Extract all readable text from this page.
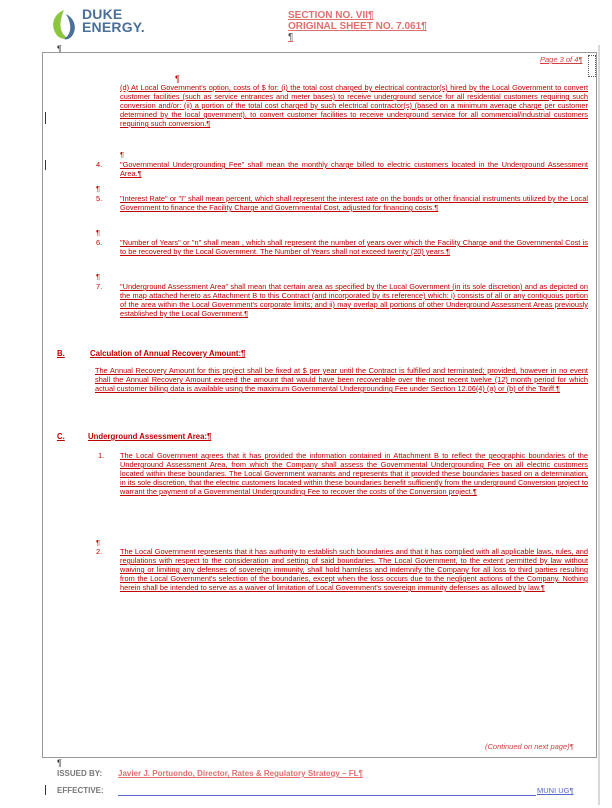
DUKE
ENERGY.
SECTION NO. VII¶
ORIGINAL SHEET NO. 7.061¶
¶
¶
Page 3 of 4¶
¶
(d) At Local Government's option, costs of $ for: (i) the total cost charged by electrical contractor(s) hired by the Local Government to convert customer facilities (such as service entrances and meter bases) to receive underground service for all residential customers requiring such conversion and/or: (ii) a portion of the total cost charged by such electrical contractor(s) (based on a minimum average charge per customer determined by the local government), to convert customer facilities to receive underground service for all commercial/industrial customers requiring such conversion.¶
¶
4. "Governmental Undergrounding Fee" shall mean the monthly charge billed to electric customers located in the Underground Assessment Area.¶
¶
5. "Interest Rate" or "I" shall mean percent, which shall represent the interest rate on the bonds or other financial instruments utilized by the Local Government to finance the Facility Charge and Governmental Cost, adjusted for financing costs.¶
¶
6. "Number of Years" or "n" shall mean , which shall represent the number of years over which the Facility Charge and the Governmental Cost is to be recovered by the Local Government. The Number of Years shall not exceed twenty (20) years.¶
¶
7. "Underground Assessment Area" shall mean that certain area as specified by the Local Government (in its sole discretion) and as depicted on the map attached hereto as Attachment B to this Contract (and incorporated by its reference) which: i) consists of all or any contiguous portion of the area within the Local Government's corporate limits; and ii) may overlap all portions of other Underground Assessment Areas previously established by the Local Government.¶
B.	Calculation of Annual Recovery Amount:¶
The Annual Recovery Amount for this project shall be fixed at $ per year until the Contract is fulfilled and terminated; provided, however in no event shall the Annual Recovery Amount exceed the amount that would have been recoverable over the most recent twelve (12) month period for which actual customer billing data is available using the maximum Governmental Undergrounding Fee under Section 12.06(4) (a) or (b) of the Tariff.¶
C.	Underground Assessment Area:¶
1. The Local Government agrees that it has provided the information contained in Attachment B to reflect the geographic boundaries of the Underground Assessment Area, from which the Company shall assess the Governmental Undergrounding Fee on all electric customers located within these boundaries. The Local Government warrants and represents that it provided these boundaries based on a determination, in its sole discretion, that the electric customers located within these boundaries benefit sufficiently from the underground Conversion project to warrant the payment of a Governmental Undergrounding Fee to recover the costs of the Conversion project.¶
¶
2. The Local Government represents that it has authority to establish such boundaries and that it has complied with all applicable laws, rules, and regulations with respect to the consideration and setting of said boundaries. The Local Government, to the extent permitted by law without waiving or limiting any defenses of sovereign immunity, shall hold harmless and indemnify the Company for all loss to third parties resulting from the Local Government's selection of the boundaries, except when the loss occurs due to the negligent actions of the Company. Nothing herein shall be intended to serve as a waiver of limitation of Local Government's sovereign immunity defenses as allowed by law.¶
(Continued on next page)¶
¶
ISSUED BY: Javier J. Portuondo, Director, Rates & Regulatory Strategy – FL¶
EFFECTIVE:	MUNI UG¶
